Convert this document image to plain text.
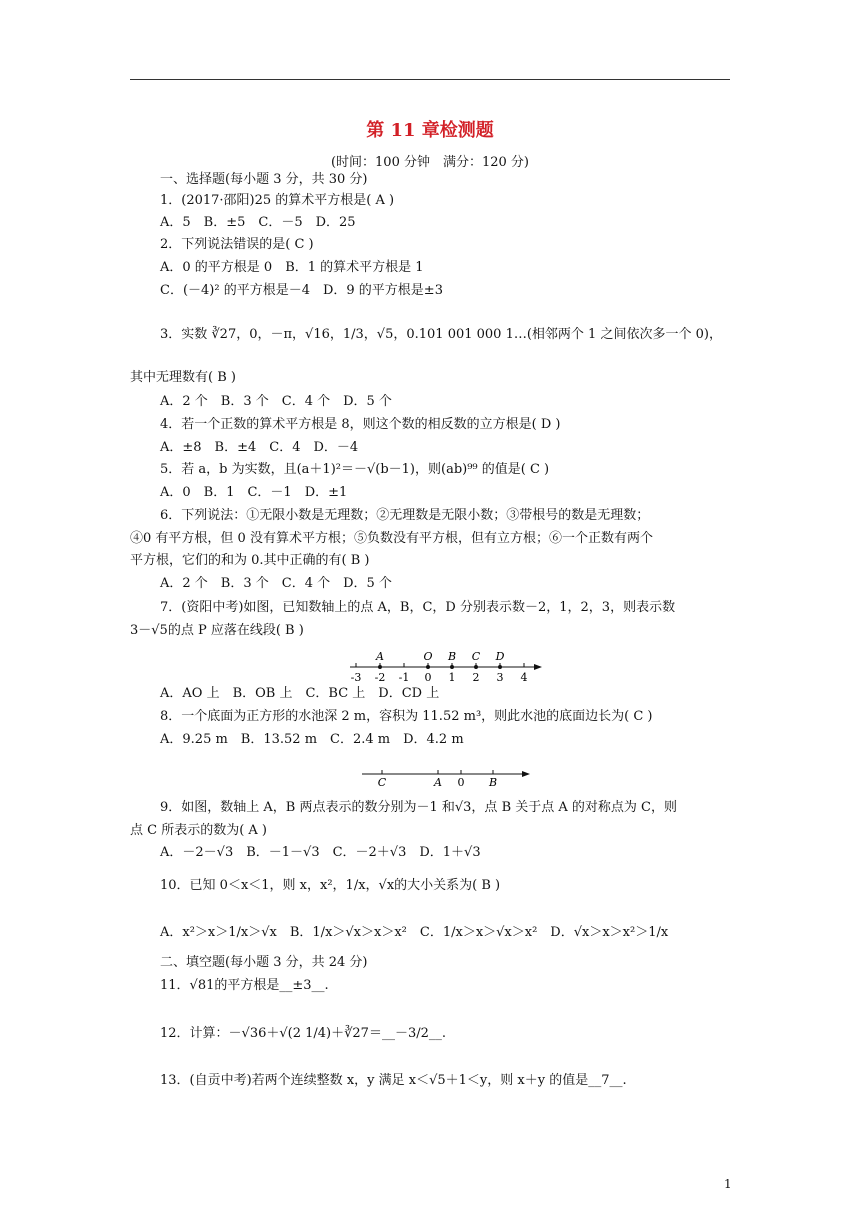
第 11 章检测题
(时间：100 分钟　满分：120 分)
一、选择题(每小题 3 分，共 30 分)
1．(2017·邵阳)25 的算术平方根是( A )
A．5　B．±5　C．－5　D．25
2．下列说法错误的是( C )
A．0 的平方根是 0　B．1 的算术平方根是 1
C．(－4)² 的平方根是－4　D．9 的平方根是±3
3．实数 ∛27，0，－π，√16，1/3，√5，0.101 001 000 1…(相邻两个 1 之间依次多一个 0)，
其中无理数有( B )
A．2 个　B．3 个　C．4 个　D．5 个
4．若一个正数的算术平方根是 8，则这个数的相反数的立方根是( D )
A．±8　B．±4　C．4　D．－4
5．若 a，b 为实数，且(a＋1)²＝－√(b－1)，则(ab)⁹⁹ 的值是( C )
A．0　B．1　C．－1　D．±1
6．下列说法：①无限小数是无理数；②无理数是无限小数；③带根号的数是无理数；
④0 有平方根，但 0 没有算术平方根；⑤负数没有平方根，但有立方根；⑥一个正数有两个
平方根，它们的和为 0.其中正确的有( B )
A．2 个　B．3 个　C．4 个　D．5 个
7．(资阳中考)如图，已知数轴上的点 A，B，C，D 分别表示数－2，1，2，3，则表示数
3－√5的点 P 应落在线段( B )
A．AO 上　B．OB 上　C．BC 上　D．CD 上
8．一个底面为正方形的水池深 2 m，容积为 11.52 m³，则此水池的底面边长为( C )
A．9.25 m　B．13.52 m　C．2.4 m　D．4.2 m
9．如图，数轴上 A，B 两点表示的数分别为－1 和√3，点 B 关于点 A 的对称点为 C，则
点 C 所表示的数为( A )
A．－2－√3　B．－1－√3　C．－2＋√3　D．1＋√3
10．已知 0＜x＜1，则 x，x²，1/x，√x的大小关系为( B )
A．x²＞x＞1/x＞√x　B．1/x＞√x＞x＞x²　C．1/x＞x＞√x＞x²　D．√x＞x＞x²＞1/x
二、填空题(每小题 3 分，共 24 分)
11．√81的平方根是__±3__.
12．计算：－√36＋√(2 1/4)＋∛27＝__－3/2__.
13．(自贡中考)若两个连续整数 x，y 满足 x＜√5＋1＜y，则 x＋y 的值是__7__.
-3 -2 -1 0 1 2 3 4
A	O B C D
C	A 0 B
1
